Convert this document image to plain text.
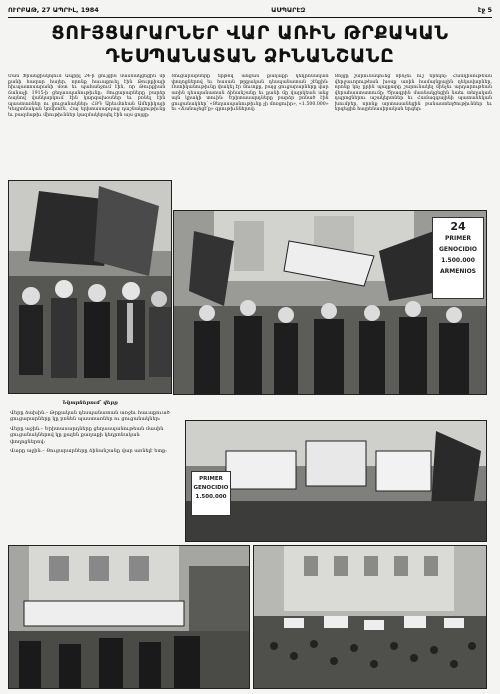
ՈՒՐԲԱԹ, 27 ԱՊՐԻԼ, 1984	ԱՍՊԱՐԷԶ	էջ 5
ՑՈՒՅՑԱՐԱՐՆԵՐ ՎԱՐ ԱՌԻՆ ԹՐՔԱԿԱՆ ԴԵՍՊԱՆԱՏԱՆ ՁԻՆԱՆՇԱՆԸ

Սան Ֆրանցիսկոյում Ապրիլ 24-ի ցույցին մասնակցեցին մի քանի հազար հայեր, որոնք հաւաքուել էին Թուրքիայի հիւպատոսարանի մօտ եւ պահանջում էին, որ Թուրքիան ճանաչի 1915-ի ցեղասպանութիւնը։ Ցուցարարները բարձր ձայնով վանկարկում էին կարգախօսներ եւ բռնել էին պաստառներ ու ցուցանակներ։ ՀՅԴ Արեւմտեան Ամերիկայի Կեդրոնական կոմիտէն, Հայ երիտասարդաց դաշնակցութիւնը եւ բազմաթիւ միութիւններ կազմակերպել էին այս ցոյցը։

Ցուցարարները երթով անցան քաղաքի կեդրոնական փողոցներով եւ հասան թրքական դեսպանատան շէնքին։ Ոստիկանութիւնը փակել էր մուտքը, բայց ցուցարարները վար առին դեսպանատան ձինանշանը եւ քանի մը վայրկեան անց այն կրակի տուին։ Երիտասարդները բարձր բռնած էին ցուցանակներ՝ «Ցեղասպանութիւնը չի մոռցուիր», «1.500.000» եւ «Ճանաչեցէ՛ք» գրութիւններով։

Ցոյցը շարունակուեց մինչեւ ուշ երեկոյ։ Հանդիսութեան վերջաւորութեան խօսք առին համայնքային ղեկավարներ, որոնք կոչ ըրին պայքարը շարունակել մինչեւ արդարութեան վերահաստատումը։ Ծրագրին մասնակցեցին նաեւ տեղական դպրոցներու աշակերտներ եւ Համազգայինի պատանեկան խումբեր, որոնք արտասանեցին բանաստեղծութիւններ եւ երգեցին հայրենասիրական երգեր։

24
PRIMER
GENOCIDIO
1.500.000
ARMENIOS

Նկարներում՝ վերը

Վերը ձախին.– Թրքական դեսպանատան առջեւ հաւաքուած ցուցարարները կը բռնեն պաստառներ ու ցուցանակներ։

Վերը աջին.– Երիտասարդները ցեղասպանութեան մասին ցուցանակներով կը քալեն քաղաքի կեդրոնական փողոցներով։

Վարը աջին.– Ցուցարարները ձինանշանը վար առնելէ ետք։

PRIMER
GENOCIDIO
1.500.000
